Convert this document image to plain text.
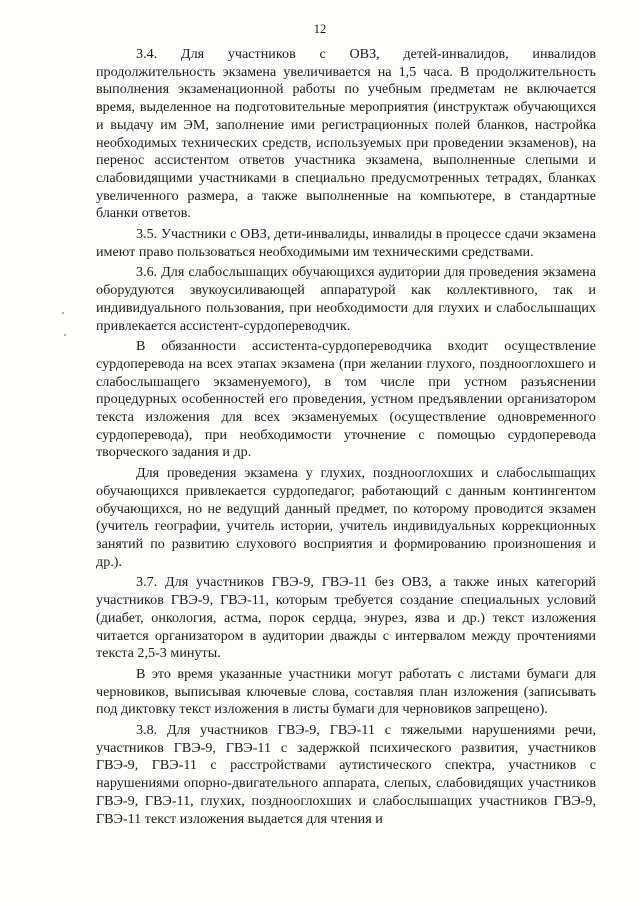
12

3.4. Для участников с ОВЗ, детей-инвалидов, инвалидов продолжительность экзамена увеличивается на 1,5 часа. В продолжительность выполнения экзаменационной работы по учебным предметам не включается время, выделенное на подготовительные мероприятия (инструктаж обучающихся и выдачу им ЭМ, заполнение ими регистрационных полей бланков, настройка необходимых технических средств, используемых при проведении экзаменов), на перенос ассистентом ответов участника экзамена, выполненные слепыми и слабовидящими участниками в специально предусмотренных тетрадях, бланках увеличенного размера, а также выполненные на компьютере, в стандартные бланки ответов.

3.5. Участники с ОВЗ, дети-инвалиды, инвалиды в процессе сдачи экзамена имеют право пользоваться необходимыми им техническими средствами.

3.6. Для слабослышащих обучающихся аудитории для проведения экзамена оборудуются звукоусиливающей аппаратурой как коллективного, так и индивидуального пользования, при необходимости для глухих и слабослышащих привлекается ассистент-сурдопереводчик.

В обязанности ассистента-сурдопереводчика входит осуществление сурдоперевода на всех этапах экзамена (при желании глухого, позднооглохшего и слабослышащего экзаменуемого), в том числе при устном разъяснении процедурных особенностей его проведения, устном предъявлении организатором текста изложения для всех экзаменуемых (осуществление одновременного сурдоперевода), при необходимости уточнение с помощью сурдоперевода творческого задания и др.

Для проведения экзамена у глухих, позднооглохших и слабослышащих обучающихся привлекается сурдопедагог, работающий с данным контингентом обучающихся, но не ведущий данный предмет, по которому проводится экзамен (учитель географии, учитель истории, учитель индивидуальных коррекционных занятий по развитию слухового восприятия и формированию произношения и др.).

3.7. Для участников ГВЭ-9, ГВЭ-11 без ОВЗ, а также иных категорий участников ГВЭ-9, ГВЭ-11, которым требуется создание специальных условий (диабет, онкология, астма, порок сердца, энурез, язва и др.) текст изложения читается организатором в аудитории дважды с интервалом между прочтениями текста 2,5-3 минуты.

В это время указанные участники могут работать с листами бумаги для черновиков, выписывая ключевые слова, составляя план изложения (записывать под диктовку текст изложения в листы бумаги для черновиков запрещено).

3.8. Для участников ГВЭ-9, ГВЭ-11 с тяжелыми нарушениями речи, участников ГВЭ-9, ГВЭ-11 с задержкой психического развития, участников ГВЭ-9, ГВЭ-11 с расстройствами аутистического спектра, участников с нарушениями опорно-двигательного аппарата, слепых, слабовидящих участников ГВЭ-9, ГВЭ-11, глухих, позднооглохших и слабослышащих участников ГВЭ-9, ГВЭ-11 текст изложения выдается для чтения и
